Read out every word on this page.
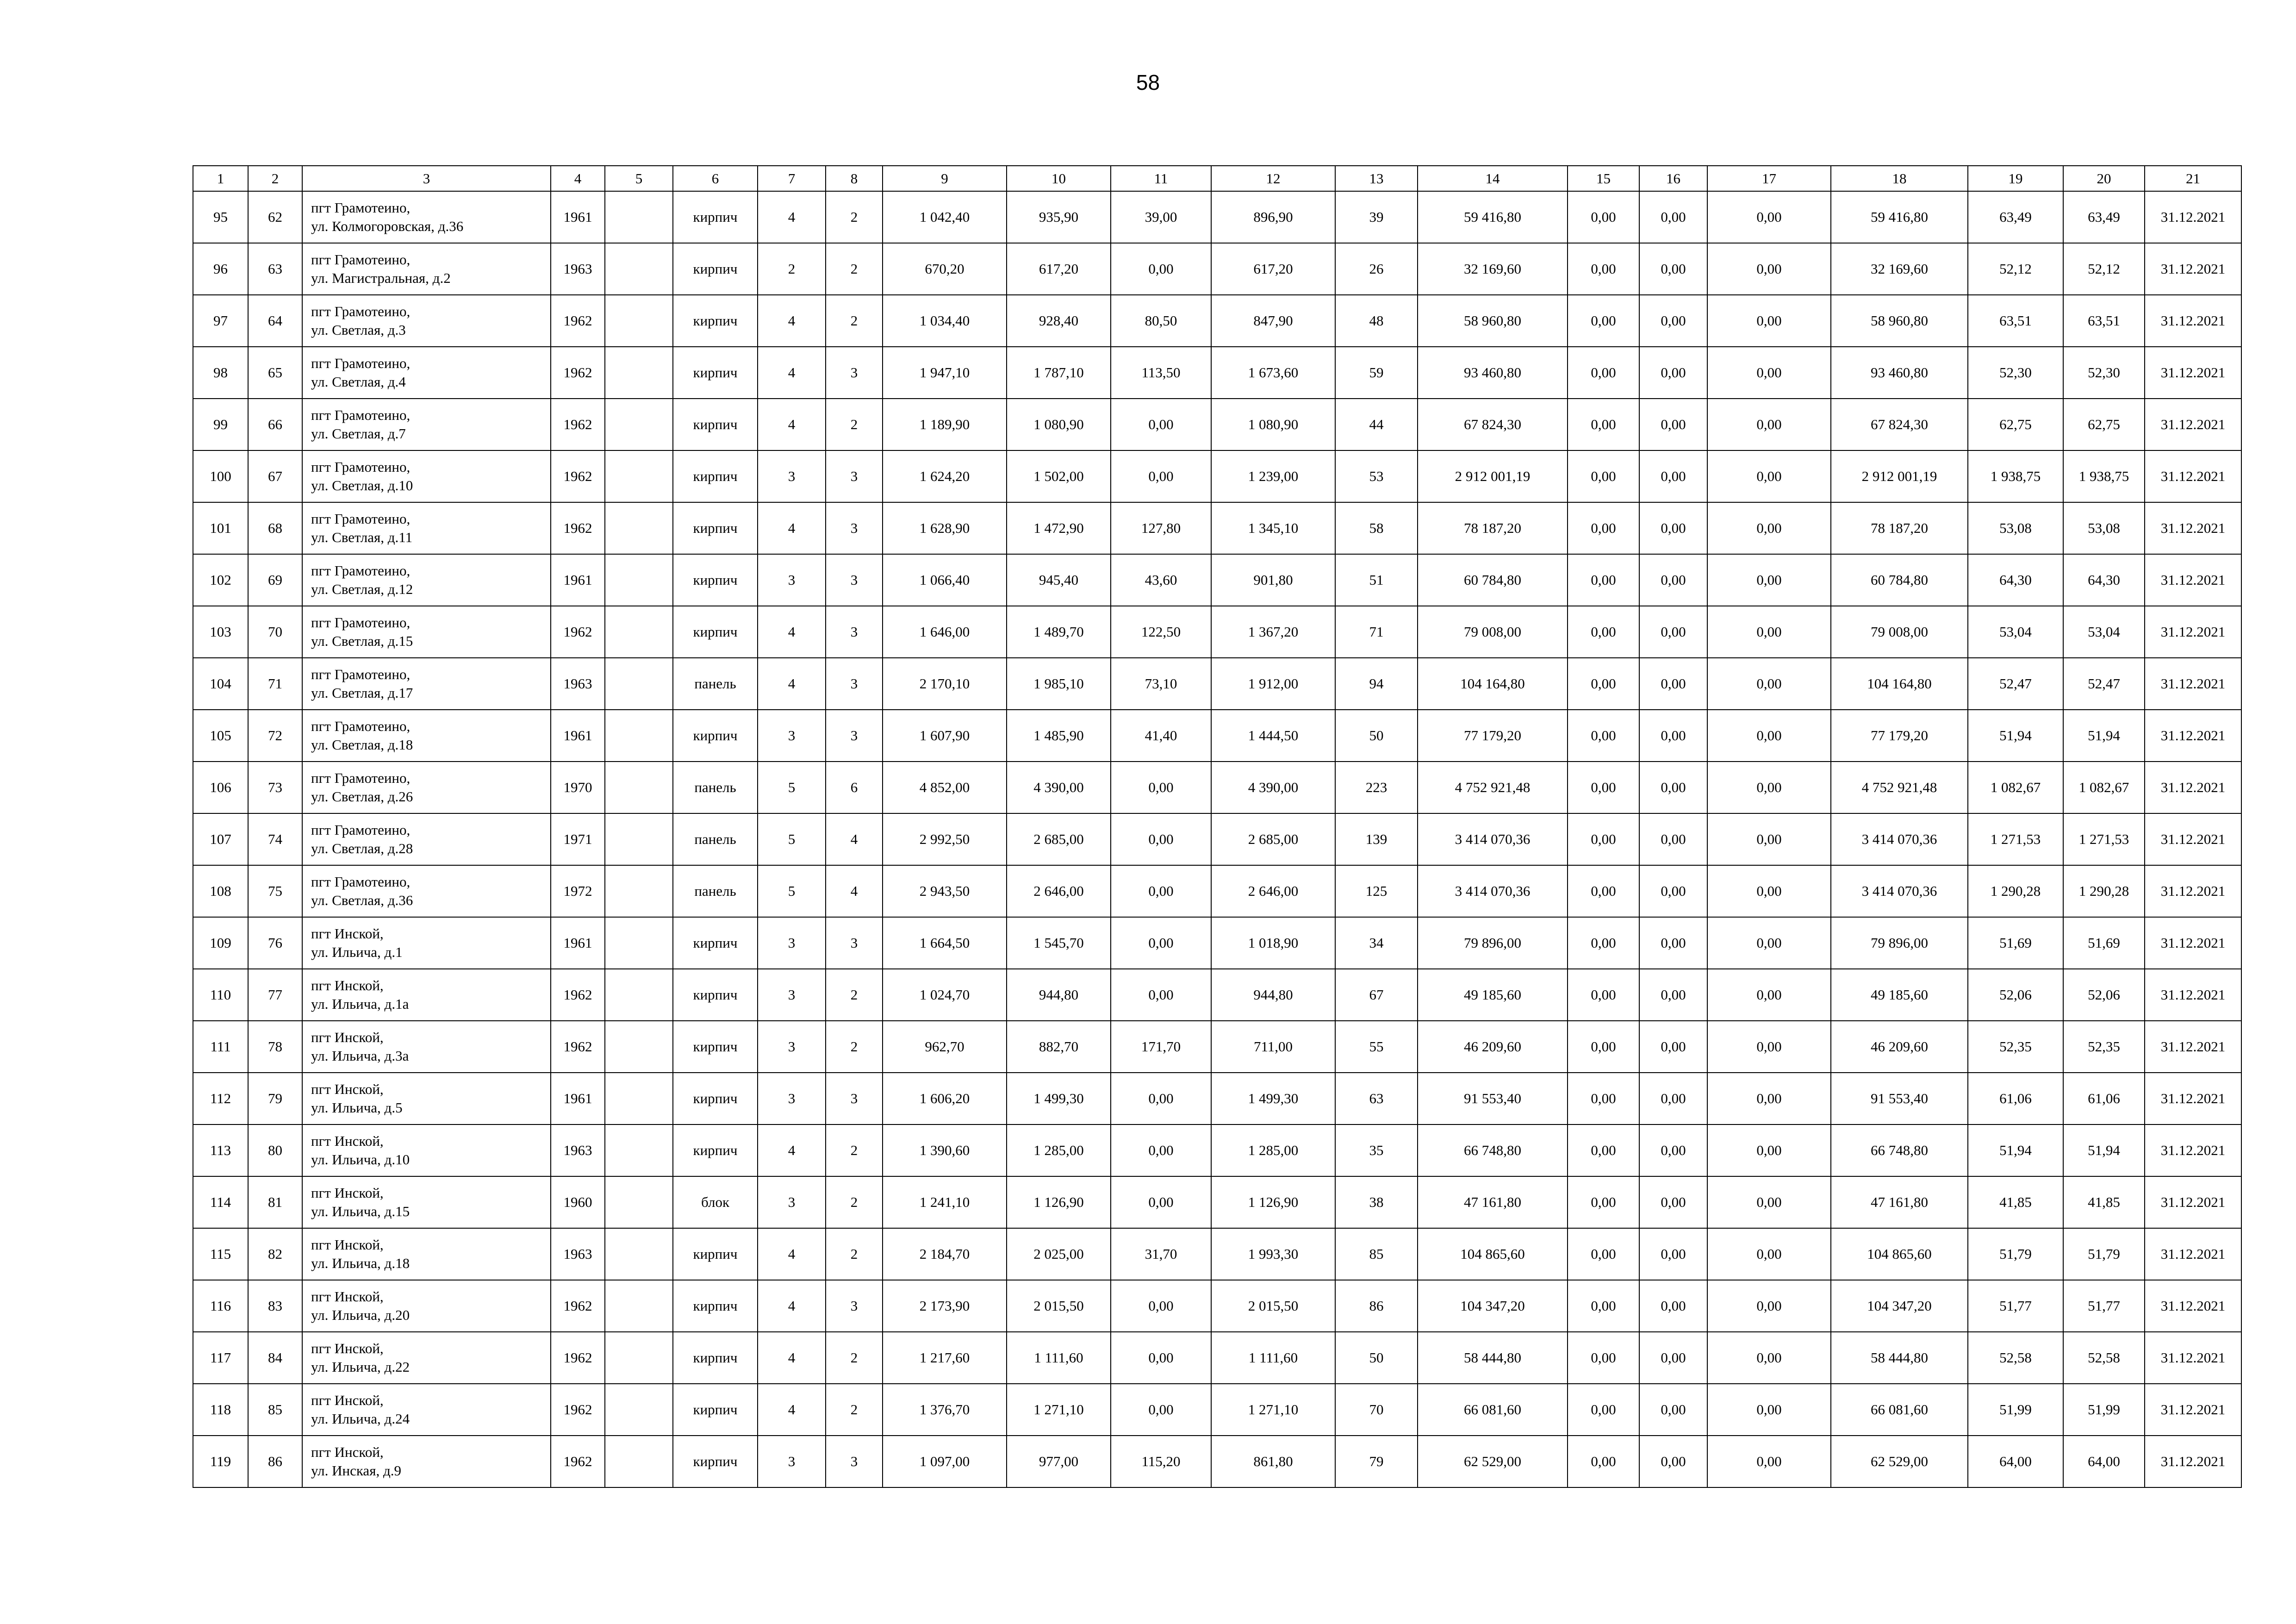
58
1	2	3	4	5	6	7	8	9	10	11	12	13	14	15	16	17	18	19	20	21
95	62	пгт Грамотеино,
ул. Колмогоровская, д.36	1961		кирпич	4	2	1 042,40	935,90	39,00	896,90	39	59 416,80	0,00	0,00	0,00	59 416,80	63,49	63,49	31.12.2021
96	63	пгт Грамотеино,
ул. Магистральная, д.2	1963		кирпич	2	2	670,20	617,20	0,00	617,20	26	32 169,60	0,00	0,00	0,00	32 169,60	52,12	52,12	31.12.2021
97	64	пгт Грамотеино,
ул. Светлая, д.3	1962		кирпич	4	2	1 034,40	928,40	80,50	847,90	48	58 960,80	0,00	0,00	0,00	58 960,80	63,51	63,51	31.12.2021
98	65	пгт Грамотеино,
ул. Светлая, д.4	1962		кирпич	4	3	1 947,10	1 787,10	113,50	1 673,60	59	93 460,80	0,00	0,00	0,00	93 460,80	52,30	52,30	31.12.2021
99	66	пгт Грамотеино,
ул. Светлая, д.7	1962		кирпич	4	2	1 189,90	1 080,90	0,00	1 080,90	44	67 824,30	0,00	0,00	0,00	67 824,30	62,75	62,75	31.12.2021
100	67	пгт Грамотеино,
ул. Светлая, д.10	1962		кирпич	3	3	1 624,20	1 502,00	0,00	1 239,00	53	2 912 001,19	0,00	0,00	0,00	2 912 001,19	1 938,75	1 938,75	31.12.2021
101	68	пгт Грамотеино,
ул. Светлая, д.11	1962		кирпич	4	3	1 628,90	1 472,90	127,80	1 345,10	58	78 187,20	0,00	0,00	0,00	78 187,20	53,08	53,08	31.12.2021
102	69	пгт Грамотеино,
ул. Светлая, д.12	1961		кирпич	3	3	1 066,40	945,40	43,60	901,80	51	60 784,80	0,00	0,00	0,00	60 784,80	64,30	64,30	31.12.2021
103	70	пгт Грамотеино,
ул. Светлая, д.15	1962		кирпич	4	3	1 646,00	1 489,70	122,50	1 367,20	71	79 008,00	0,00	0,00	0,00	79 008,00	53,04	53,04	31.12.2021
104	71	пгт Грамотеино,
ул. Светлая, д.17	1963		панель	4	3	2 170,10	1 985,10	73,10	1 912,00	94	104 164,80	0,00	0,00	0,00	104 164,80	52,47	52,47	31.12.2021
105	72	пгт Грамотеино,
ул. Светлая, д.18	1961		кирпич	3	3	1 607,90	1 485,90	41,40	1 444,50	50	77 179,20	0,00	0,00	0,00	77 179,20	51,94	51,94	31.12.2021
106	73	пгт Грамотеино,
ул. Светлая, д.26	1970		панель	5	6	4 852,00	4 390,00	0,00	4 390,00	223	4 752 921,48	0,00	0,00	0,00	4 752 921,48	1 082,67	1 082,67	31.12.2021
107	74	пгт Грамотеино,
ул. Светлая, д.28	1971		панель	5	4	2 992,50	2 685,00	0,00	2 685,00	139	3 414 070,36	0,00	0,00	0,00	3 414 070,36	1 271,53	1 271,53	31.12.2021
108	75	пгт Грамотеино,
ул. Светлая, д.36	1972		панель	5	4	2 943,50	2 646,00	0,00	2 646,00	125	3 414 070,36	0,00	0,00	0,00	3 414 070,36	1 290,28	1 290,28	31.12.2021
109	76	пгт Инской,
ул. Ильича, д.1	1961		кирпич	3	3	1 664,50	1 545,70	0,00	1 018,90	34	79 896,00	0,00	0,00	0,00	79 896,00	51,69	51,69	31.12.2021
110	77	пгт Инской,
ул. Ильича, д.1а	1962		кирпич	3	2	1 024,70	944,80	0,00	944,80	67	49 185,60	0,00	0,00	0,00	49 185,60	52,06	52,06	31.12.2021
111	78	пгт Инской,
ул. Ильича, д.3а	1962		кирпич	3	2	962,70	882,70	171,70	711,00	55	46 209,60	0,00	0,00	0,00	46 209,60	52,35	52,35	31.12.2021
112	79	пгт Инской,
ул. Ильича, д.5	1961		кирпич	3	3	1 606,20	1 499,30	0,00	1 499,30	63	91 553,40	0,00	0,00	0,00	91 553,40	61,06	61,06	31.12.2021
113	80	пгт Инской,
ул. Ильича, д.10	1963		кирпич	4	2	1 390,60	1 285,00	0,00	1 285,00	35	66 748,80	0,00	0,00	0,00	66 748,80	51,94	51,94	31.12.2021
114	81	пгт Инской,
ул. Ильича, д.15	1960		блок	3	2	1 241,10	1 126,90	0,00	1 126,90	38	47 161,80	0,00	0,00	0,00	47 161,80	41,85	41,85	31.12.2021
115	82	пгт Инской,
ул. Ильича, д.18	1963		кирпич	4	2	2 184,70	2 025,00	31,70	1 993,30	85	104 865,60	0,00	0,00	0,00	104 865,60	51,79	51,79	31.12.2021
116	83	пгт Инской,
ул. Ильича, д.20	1962		кирпич	4	3	2 173,90	2 015,50	0,00	2 015,50	86	104 347,20	0,00	0,00	0,00	104 347,20	51,77	51,77	31.12.2021
117	84	пгт Инской,
ул. Ильича, д.22	1962		кирпич	4	2	1 217,60	1 111,60	0,00	1 111,60	50	58 444,80	0,00	0,00	0,00	58 444,80	52,58	52,58	31.12.2021
118	85	пгт Инской,
ул. Ильича, д.24	1962		кирпич	4	2	1 376,70	1 271,10	0,00	1 271,10	70	66 081,60	0,00	0,00	0,00	66 081,60	51,99	51,99	31.12.2021
119	86	пгт Инской,
ул. Инская, д.9	1962		кирпич	3	3	1 097,00	977,00	115,20	861,80	79	62 529,00	0,00	0,00	0,00	62 529,00	64,00	64,00	31.12.2021
